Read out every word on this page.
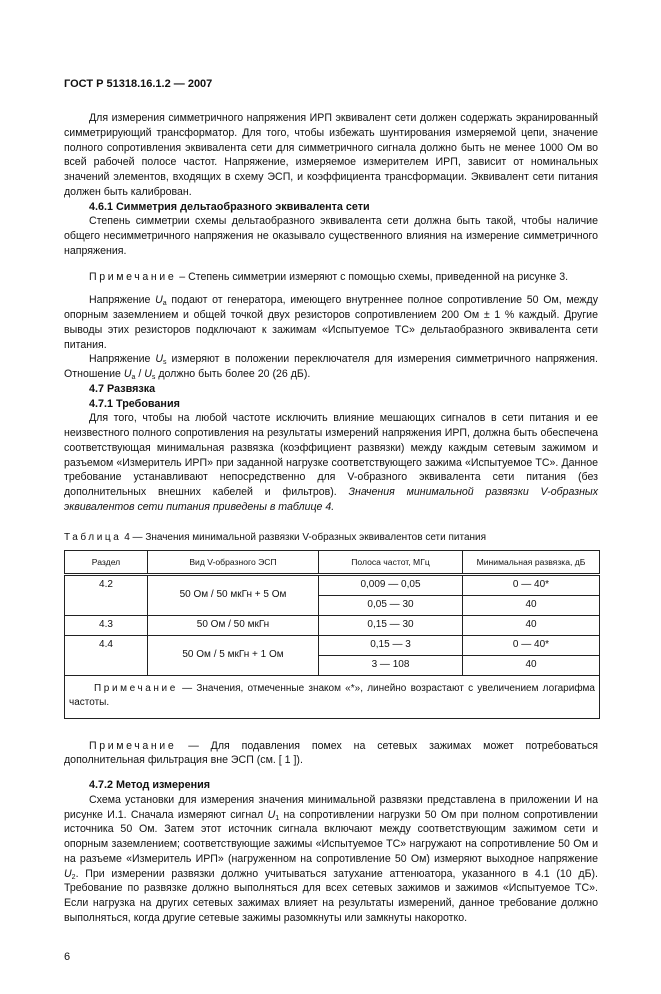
ГОСТ Р 51318.16.1.2 — 2007

Для измерения симметричного напряжения ИРП эквивалент сети должен содержать экранированный симметрирующий трансформатор. Для того, чтобы избежать шунтирования измеряемой цепи, значение полного сопротивления эквивалента сети для симметричного сигнала должно быть не менее 1000 Ом во всей рабочей полосе частот. Напряжение, измеряемое измерителем ИРП, зависит от номинальных значений элементов, входящих в схему ЭСП, и коэффициента трансформации. Эквивалент сети питания должен быть калиброван.

4.6.1 Симметрия дельтаобразного эквивалента сети

Степень симметрии схемы дельтаобразного эквивалента сети должна быть такой, чтобы наличие общего несимметричного напряжения не оказывало существенного влияния на измерение симметричного напряжения.

Примечание – Степень симметрии измеряют с помощью схемы, приведенной на рисунке 3.

Напряжение $U_a$ подают от генератора, имеющего внутреннее полное сопротивление 50 Ом, между опорным заземлением и общей точкой двух резисторов сопротивлением 200 Ом ± 1 % каждый. Другие выводы этих резисторов подключают к зажимам «Испытуемое ТС» дельтаобразного эквивалента сети питания.

Напряжение $U_s$ измеряют в положении переключателя для измерения симметричного напряжения. Отношение $U_a / U_s$ должно быть более 20 (26 дБ).

4.7 Развязка
4.7.1 Требования

Для того, чтобы на любой частоте исключить влияние мешающих сигналов в сети питания и ее неизвестного полного сопротивления на результаты измерений напряжения ИРП, должна быть обеспечена соответствующая минимальная развязка (коэффициент развязки) между каждым сетевым зажимом и разъемом «Измеритель ИРП» при заданной нагрузке соответствующего зажима «Испытуемое ТС». Данное требование устанавливают непосредственно для V-образного эквивалента сети питания (без дополнительных внешних кабелей и фильтров). Значения минимальной развязки V-образных эквивалентов сети питания приведены в таблице 4.

Таблица 4 — Значения минимальной развязки V-образных эквивалентов сети питания
Раздел	Вид V-образного ЭСП	Полоса частот, МГц	Минимальная развязка, дБ
4.2	50 Ом / 50 мкГн + 5 Ом	0,009 — 0,05	0 — 40*
		0,05 — 30	40
4.3	50 Ом / 50 мкГн	0,15 — 30	40
4.4	50 Ом / 5 мкГн + 1 Ом	0,15 — 3	0 — 40*
		3 — 108	40
Примечание — Значения, отмеченные знаком «*», линейно возрастают с увеличением логарифма частоты.			

Примечание — Для подавления помех на сетевых зажимах может потребоваться дополнительная фильтрация вне ЭСП (см. [ 1 ]).

4.7.2 Метод измерения

Схема установки для измерения значения минимальной развязки представлена в приложении И на рисунке И.1. Сначала измеряют сигнал $U_1$ на сопротивлении нагрузки 50 Ом при полном сопротивлении источника 50 Ом. Затем этот источник сигнала включают между соответствующим зажимом сети и опорным заземлением; соответствующие зажимы «Испытуемое ТС» нагружают на сопротивление 50 Ом и на разъеме «Измеритель ИРП» (нагруженном на сопротивление 50 Ом) измеряют выходное напряжение $U_2$. При измерении развязки должно учитываться затухание аттенюатора, указанного в 4.1 (10 дБ). Требование по развязке должно выполняться для всех сетевых зажимов и зажимов «Испытуемое ТС». Если нагрузка на других сетевых зажимах влияет на результаты измерений, данное требование должно выполняться, когда другие сетевые зажимы разомкнуты или замкнуты накоротко.

6
